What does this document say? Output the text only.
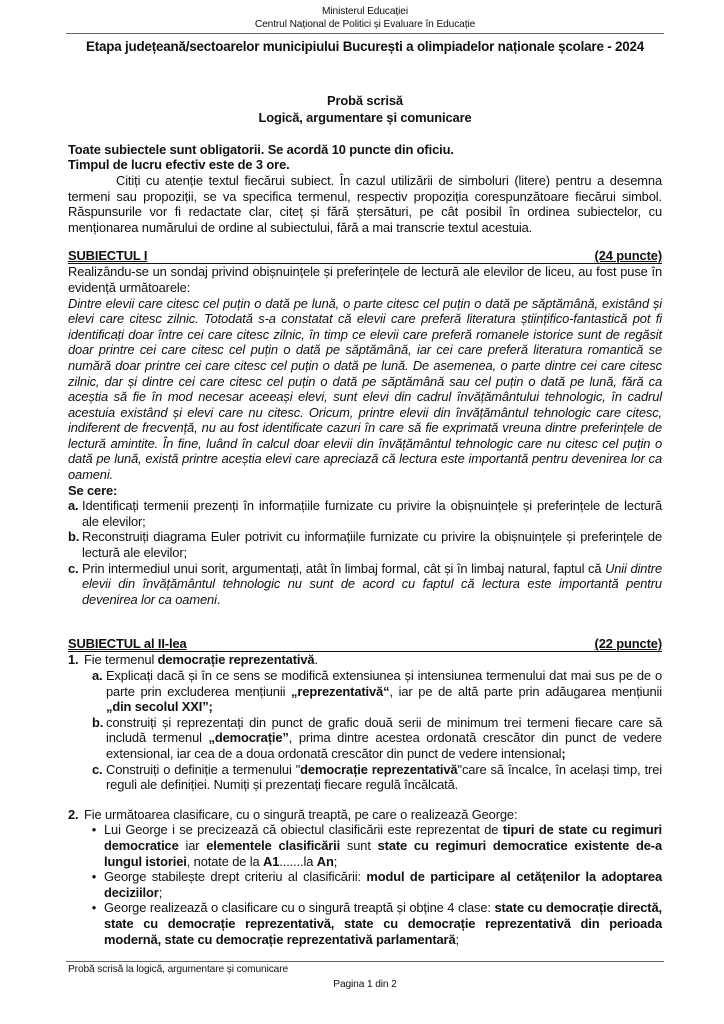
Ministerul Educației
Centrul Național de Politici și Evaluare în Educație
Etapa județeană/sectoarelor municipiului București a olimpiadelor naționale școlare - 2024
Probă scrisă
Logică, argumentare și comunicare

Toate subiectele sunt obligatorii. Se acordă 10 puncte din oficiu.

Timpul de lucru efectiv este de 3 ore.

Citiți cu atenție textul fiecărui subiect. În cazul utilizării de simboluri (litere) pentru a desemna termeni sau propoziții, se va specifica termenul, respectiv propoziția corespunzătoare fiecărui simbol. Răspunsurile vor fi redactate clar, citeț și fără ștersături, pe cât posibil în ordinea subiectelor, cu menționarea numărului de ordine al subiectului, fără a mai transcrie textul acestuia.

SUBIECTUL I	(24 puncte)

Realizându-se un sondaj privind obișnuințele și preferințele de lectură ale elevilor de liceu, au fost puse în evidență următoarele:

Dintre elevii care citesc cel puțin o dată pe lună, o parte citesc cel puțin o dată pe săptămână, existând și elevi care citesc zilnic. Totodată s-a constatat că elevii care preferă literatura științifico-fantastică pot fi identificați doar între cei care citesc zilnic, în timp ce elevii care preferă romanele istorice sunt de regăsit doar printre cei care citesc cel puțin o dată pe săptămână, iar cei care preferă literatura romantică se numără doar printre cei care citesc cel puțin o dată pe lună. De asemenea, o parte dintre cei care citesc zilnic, dar și dintre cei care citesc cel puțin o dată pe săptămână sau cel puțin o dată pe lună, fără ca aceștia să fie în mod necesar aceeași elevi, sunt elevi din cadrul învățământului tehnologic, în cadrul acestuia existând și elevi care nu citesc. Oricum, printre elevii din învățământul tehnologic care citesc, indiferent de frecvență, nu au fost identificate cazuri în care să fie exprimată vreuna dintre preferințele de lectură amintite. În fine, luând în calcul doar elevii din învățământul tehnologic care nu citesc cel puțin o dată pe lună, există printre aceștia elevi care apreciază că lectura este importantă pentru devenirea lor ca oameni.

Se cere:

a. Identificați termenii prezenți în informațiile furnizate cu privire la obișnuințele și preferințele de lectură ale elevilor;
b. Reconstruiți diagrama Euler potrivit cu informațiile furnizate cu privire la obișnuințele și preferințele de lectură ale elevilor;
c. Prin intermediul unui sorit, argumentați, atât în limbaj formal, cât și în limbaj natural, faptul că Unii dintre elevii din învățământul tehnologic nu sunt de acord cu faptul că lectura este importantă pentru devenirea lor ca oameni.
SUBIECTUL al II-lea	(22 puncte)
1. Fie termenul democrație reprezentativă.

a. Explicați dacă și în ce sens se modifică extensiunea și intensiunea termenului dat mai sus pe de o parte prin excluderea mențiunii „reprezentativă“, iar pe de altă parte prin adăugarea mențiunii „din secolul XXI”;
b. construiți și reprezentați din punct de grafic două serii de minimum trei termeni fiecare care să includă termenul „democrație”, prima dintre acestea ordonată crescător din punct de vedere extensional, iar cea de a doua ordonată crescător din punct de vedere intensional;
c. Construiți o definiție a termenului "democrație reprezentativă"care să încalce, în același timp, trei reguli ale definiției. Numiți și prezentați fiecare regulă încălcată.
2. Fie următoarea clasificare, cu o singură treaptă, pe care o realizează George:

• Lui George i se precizează că obiectul clasificării este reprezentat de tipuri de state cu regimuri democratice iar elementele clasificării sunt state cu regimuri democratice existente de-a lungul istoriei, notate de la A1.......la An;
• George stabilește drept criteriu al clasificării: modul de participare al cetățenilor la adoptarea deciziilor;
• George realizează o clasificare cu o singură treaptă și obține 4 clase: state cu democrație directă, state cu democrație reprezentativă, state cu democrație reprezentativă din perioada modernă, state cu democrație reprezentativă parlamentară;
Probă scrisă la logică, argumentare și comunicare
Pagina 1 din 2
